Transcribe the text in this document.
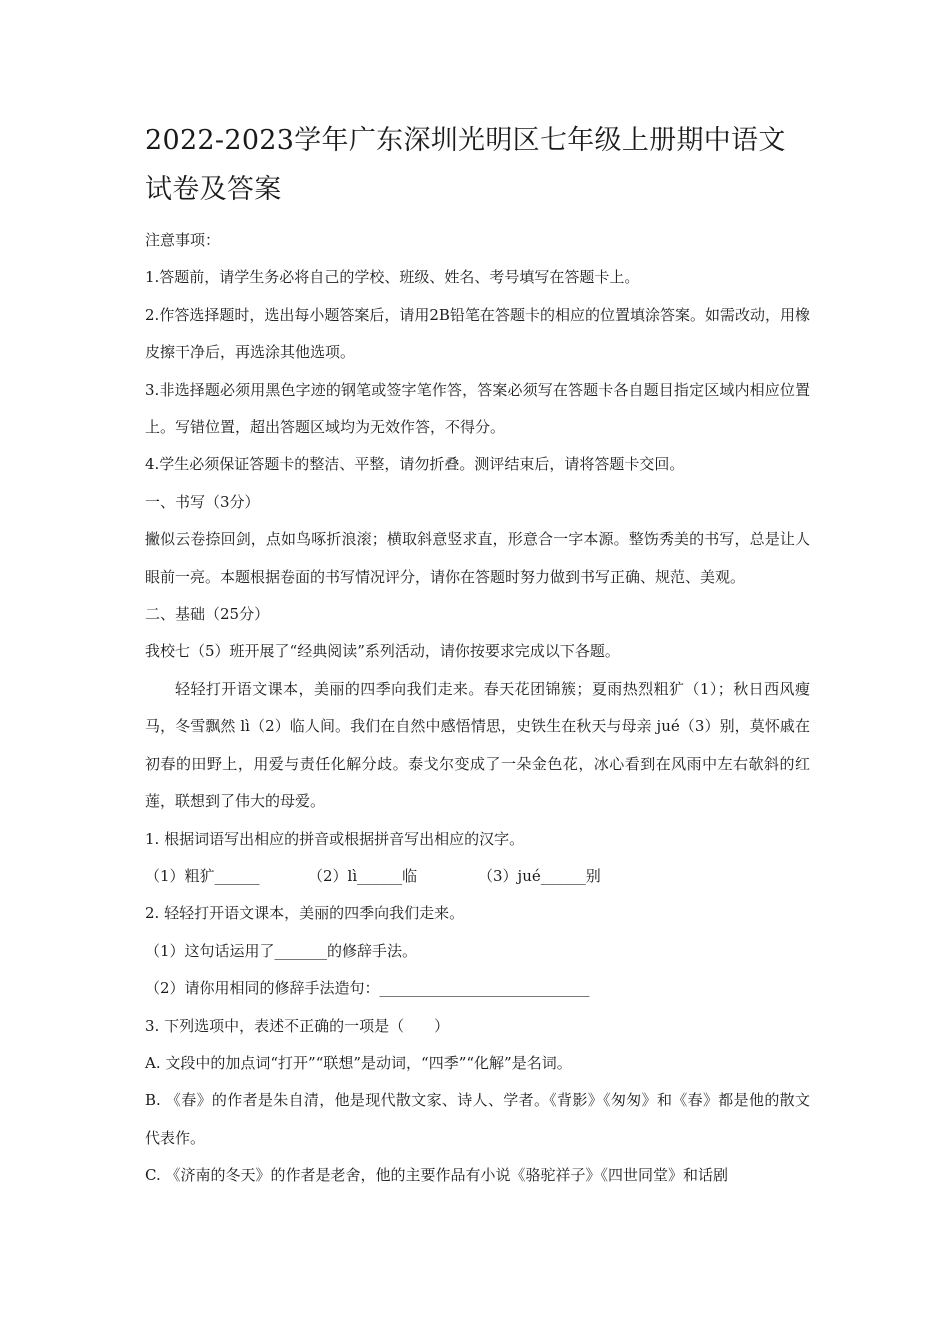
2022-2023学年广东深圳光明区七年级上册期中语文试卷及答案

注意事项：

1.答题前，请学生务必将自己的学校、班级、姓名、考号填写在答题卡上。

2.作答选择题时，选出每小题答案后，请用2B铅笔在答题卡的相应的位置填涂答案。如需改动，用橡皮擦干净后，再选涂其他选项。

3.非选择题必须用黑色字迹的钢笔或签字笔作答，答案必须写在答题卡各自题目指定区域内相应位置上。写错位置，超出答题区域均为无效作答，不得分。

4.学生必须保证答题卡的整洁、平整，请勿折叠。测评结束后，请将答题卡交回。

一、书写（3分）

撇似云卷捺回剑，点如鸟啄折浪滚；横取斜意竖求直，形意合一字本源。整饬秀美的书写，总是让人眼前一亮。本题根据卷面的书写情况评分，请你在答题时努力做到书写正确、规范、美观。

二、基础（25分）

我校七（5）班开展了“经典阅读”系列活动，请你按要求完成以下各题。

轻轻打开语文课本，美丽的四季向我们走来。春天花团锦簇；夏雨热烈粗犷（1）；秋日西风瘦马，冬雪飘然 lì（2）临人间。我们在自然中感悟情思，史铁生在秋天与母亲 jué（3）别，莫怀戚在初春的田野上，用爱与责任化解分歧。泰戈尔变成了一朵金色花，冰心看到在风雨中左右欹斜的红莲，联想到了伟大的母爱。

1. 根据词语写出相应的拼音或根据拼音写出相应的汉字。

（1）粗犷______	（2）lì______临	（3）jué______别

2. 轻轻打开语文课本，美丽的四季向我们走来。

（1）这句话运用了_______的修辞手法。

（2）请你用相同的修辞手法造句：____________________________

3. 下列选项中，表述不正确的一项是（　　）

A. 文段中的加点词“打开”“联想”是动词，“四季”“化解”是名词。

B. 《春》的作者是朱自清，他是现代散文家、诗人、学者。《背影》《匆匆》和《春》都是他的散文代表作。

C. 《济南的冬天》的作者是老舍，他的主要作品有小说《骆驼祥子》《四世同堂》和话剧
